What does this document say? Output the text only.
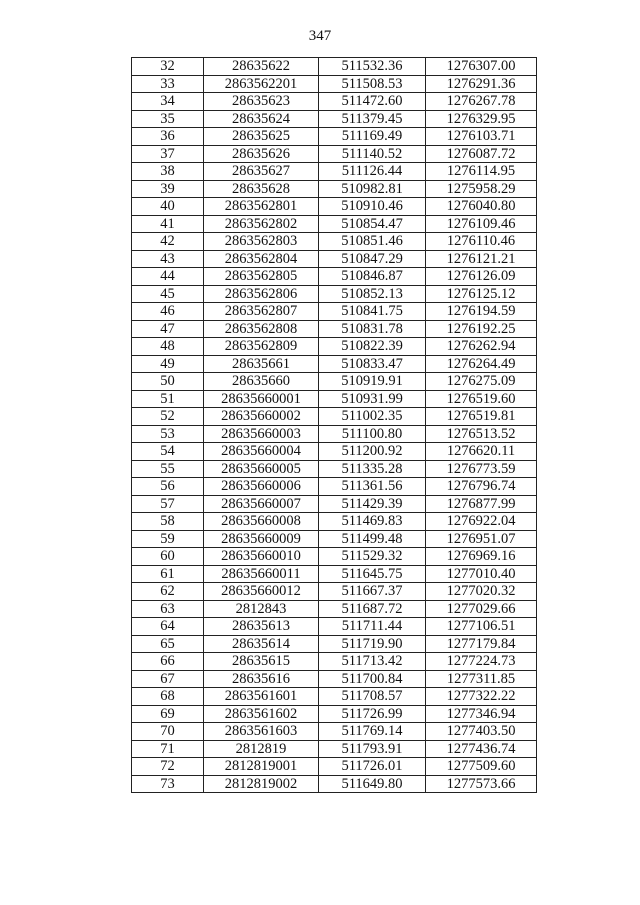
347
32	28635622	511532.36	1276307.00
33	2863562201	511508.53	1276291.36
34	28635623	511472.60	1276267.78
35	28635624	511379.45	1276329.95
36	28635625	511169.49	1276103.71
37	28635626	511140.52	1276087.72
38	28635627	511126.44	1276114.95
39	28635628	510982.81	1275958.29
40	2863562801	510910.46	1276040.80
41	2863562802	510854.47	1276109.46
42	2863562803	510851.46	1276110.46
43	2863562804	510847.29	1276121.21
44	2863562805	510846.87	1276126.09
45	2863562806	510852.13	1276125.12
46	2863562807	510841.75	1276194.59
47	2863562808	510831.78	1276192.25
48	2863562809	510822.39	1276262.94
49	28635661	510833.47	1276264.49
50	28635660	510919.91	1276275.09
51	28635660001	510931.99	1276519.60
52	28635660002	511002.35	1276519.81
53	28635660003	511100.80	1276513.52
54	28635660004	511200.92	1276620.11
55	28635660005	511335.28	1276773.59
56	28635660006	511361.56	1276796.74
57	28635660007	511429.39	1276877.99
58	28635660008	511469.83	1276922.04
59	28635660009	511499.48	1276951.07
60	28635660010	511529.32	1276969.16
61	28635660011	511645.75	1277010.40
62	28635660012	511667.37	1277020.32
63	2812843	511687.72	1277029.66
64	28635613	511711.44	1277106.51
65	28635614	511719.90	1277179.84
66	28635615	511713.42	1277224.73
67	28635616	511700.84	1277311.85
68	2863561601	511708.57	1277322.22
69	2863561602	511726.99	1277346.94
70	2863561603	511769.14	1277403.50
71	2812819	511793.91	1277436.74
72	2812819001	511726.01	1277509.60
73	2812819002	511649.80	1277573.66
